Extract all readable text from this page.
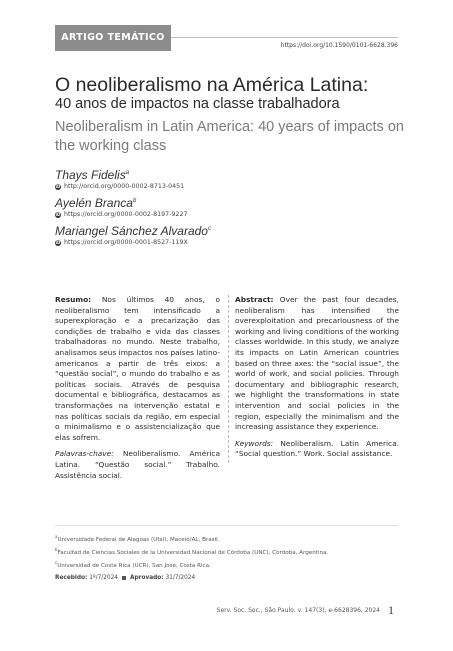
ARTIGO TEMÁTICO
https://doi.org/10.1590/0101-6628.396
O neoliberalismo na América Latina:
40 anos de impactos na classe trabalhadora
Neoliberalism in Latin America: 40 years of impacts on the working class
Thays Fidelis$^a$
iD http://orcid.org/0000-0002-8713-0451
Ayelén Branca$^b$
iD https://orcid.org/0000-0002-8197-9227
Mariangel Sánchez Alvarado$^c$
iD https://orcid.org/0000-0001-8527-119X

Resumo: Nos últimos 40 anos, o neoliberalismo tem intensificado a superexploração e a precarização das condições de trabalho e vida das classes trabalhadoras no mundo. Neste trabalho, analisamos seus impactos nos países latino-americanos a partir de três eixos: a “questão social”, o mundo do trabalho e as políticas sociais. Através de pesquisa documental e bibliográfica, destacamos as transformações na intervenção estatal e nas políticas sociais da região, em especial o minimalismo e o assistencialização que elas sofrem.

Palavras-chave: Neoliberalismo. América Latina. “Questão social.” Trabalho. Assistência social.

Abstract: Over the past four decades, neoliberalism has intensified the overexploitation and precariousness of the working and living conditions of the working classes worldwide. In this study, we analyze its impacts on Latin American countries based on three axes: the “social issue”, the world of work, and social policies. Through documentary and bibliographic research, we highlight the transformations in state intervention and social policies in the region, especially the minimalism and the increasing assistance they experience.

Keywords: Neoliberalism. Latin America. “Social question.” Work. Social assistance.

$^a$Universidade Federal de Alagoas (Ufal), Maceió/AL, Brasil.
$^b$Facultad de Ciencias Sociales de la Universidad Nacional de Córdoba (UNC), Córdoba, Argentina.
$^c$Universidad de Costa Rica (UCR), San José, Costa Rica.
Recebido:
1º/7/2024 Aprovado:
31/7/2024
Serv. Soc. Soc., São Paulo, v. 147(3), e-6628396, 2024 1
